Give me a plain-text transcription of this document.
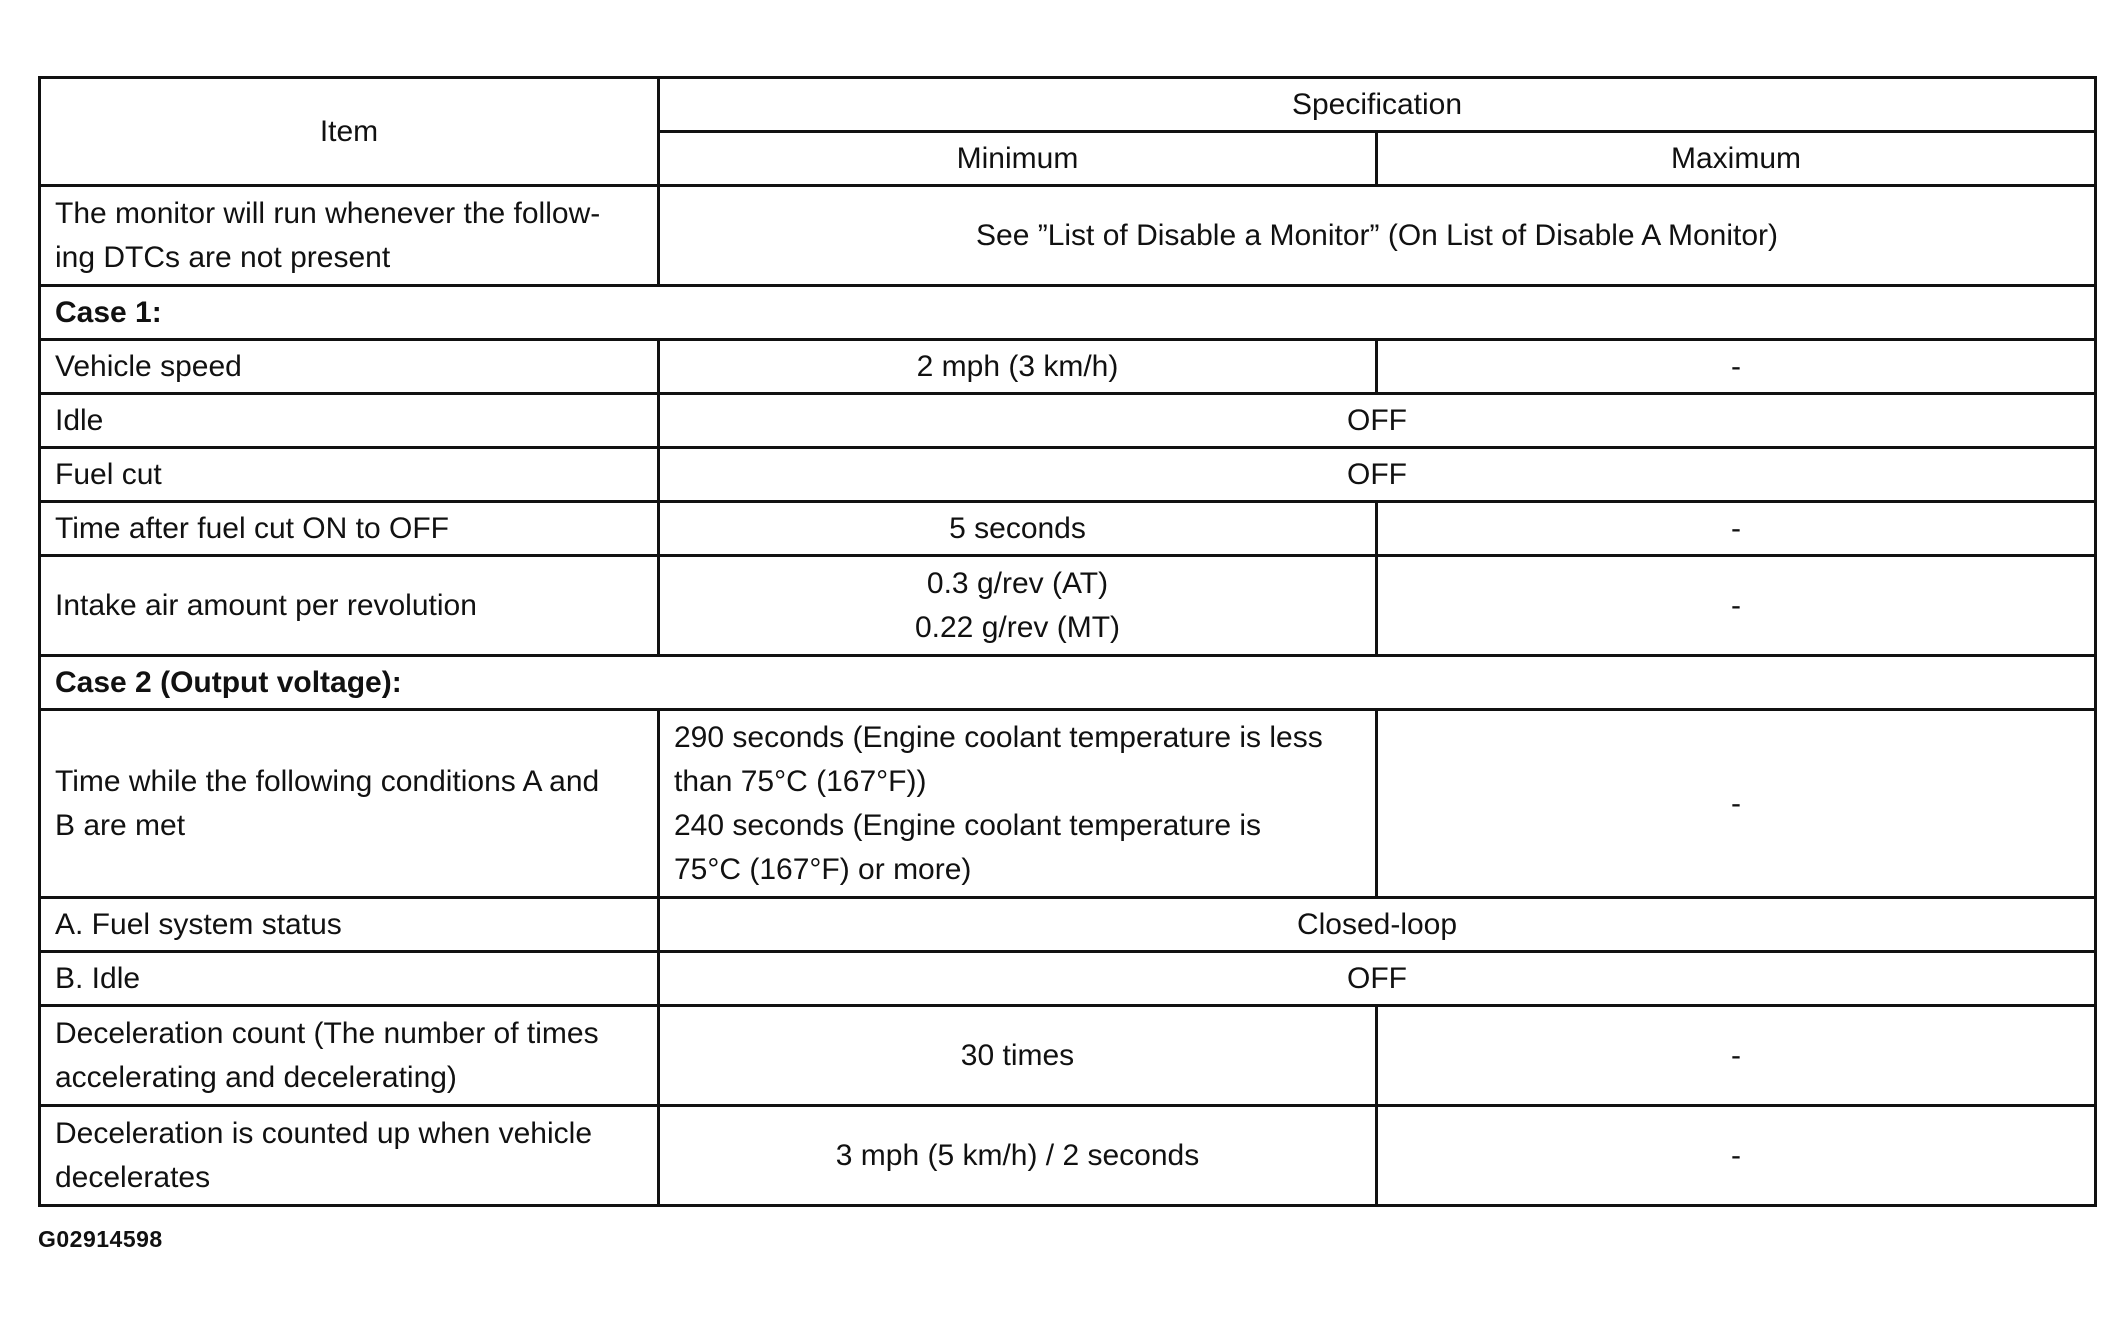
Item	Specification	
	Minimum	Maximum

The monitor will run whenever the follow-
ing DTCs are not present	See ”List of Disable a Monitor” (On List of Disable A Monitor)	
Case 1:		
Vehicle speed	2 mph (3 km/h)	-
Idle	OFF	
Fuel cut	OFF	
Time after fuel cut ON to OFF	5 seconds	-
Intake air amount per revolution	0.3 g/rev (AT)
0.22 g/rev (MT)	-
Case 2 (Output voltage):		

Time while the following conditions A and
B are met	290 seconds (Engine coolant temperature is less
than 75°C (167°F))
240 seconds (Engine coolant temperature is
75°C (167°F) or more)	-
A. Fuel system status	Closed-loop	
B. Idle	OFF	

Deceleration count (The number of times
accelerating and decelerating)	30 times	-

Deceleration is counted up when vehicle
decelerates	3 mph (5 km/h) / 2 seconds	-
G02914598
